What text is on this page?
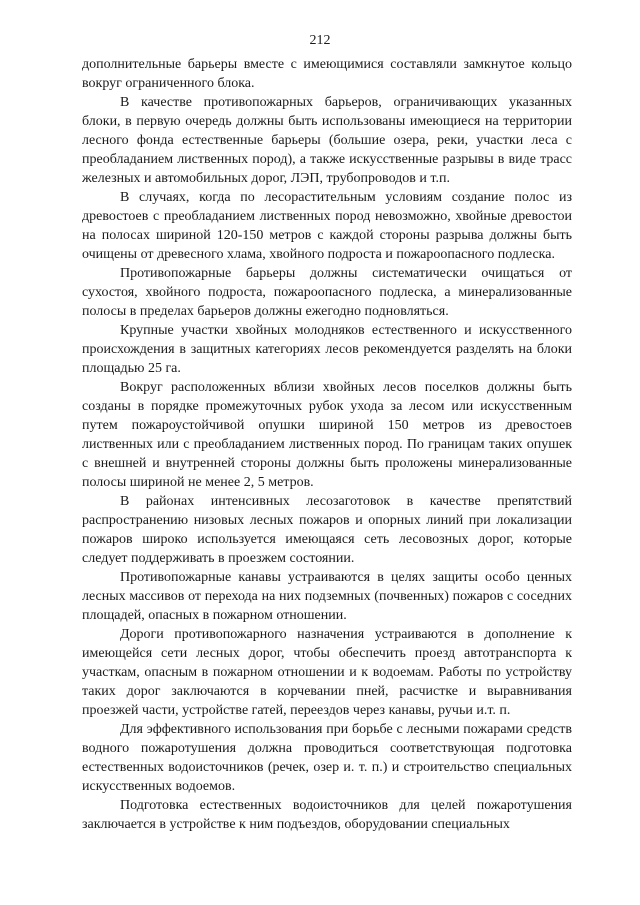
212

дополнительные барьеры вместе с имеющимися составляли замкнутое кольцо вокруг ограниченного блока.

В качестве противопожарных барьеров, ограничивающих указанных блоки, в первую очередь должны быть использованы имеющиеся на территории лесного фонда естественные барьеры (большие озера, реки, участки леса с преобладанием лиственных пород), а также искусственные разрывы в виде трасс железных и автомобильных дорог, ЛЭП, трубопроводов и т.п.

В случаях, когда по лесорастительным условиям создание полос из древостоев с преобладанием лиственных пород невозможно, хвойные древостои на полосах шириной 120-150 метров с каждой стороны разрыва должны быть очищены от древесного хлама, хвойного подроста и пожароопасного подлеска.

Противопожарные барьеры должны систематически очищаться от сухостоя, хвойного подроста, пожароопасного подлеска, а минерализованные полосы в пределах барьеров должны ежегодно подновляться.

Крупные участки хвойных молодняков естественного и искусственного происхождения в защитных категориях лесов рекомендуется разделять на блоки площадью 25 га.

Вокруг расположенных вблизи хвойных лесов поселков должны быть созданы в порядке промежуточных рубок ухода за лесом или искусственным путем пожароустойчивой опушки шириной 150 метров из древостоев лиственных или с преобладанием лиственных пород. По границам таких опушек с внешней и внутренней стороны должны быть проложены минерализованные полосы шириной не менее 2, 5 метров.

В районах интенсивных лесозаготовок в качестве препятствий распространению низовых лесных пожаров и опорных линий при локализации пожаров широко используется имеющаяся сеть лесовозных дорог, которые следует поддерживать в проезжем состоянии.

Противопожарные канавы устраиваются в целях защиты особо ценных лесных массивов от перехода на них подземных (почвенных) пожаров с соседних площадей, опасных в пожарном отношении.

Дороги противопожарного назначения устраиваются в дополнение к имеющейся сети лесных дорог, чтобы обеспечить проезд автотранспорта к участкам, опасным в пожарном отношении и к водоемам. Работы по устройству таких дорог заключаются в корчевании пней, расчистке и выравнивания проезжей части, устройстве гатей, переездов через канавы, ручьи и.т. п.

Для эффективного использования при борьбе с лесными пожарами средств водного пожаротушения должна проводиться соответствующая подготовка естественных водоисточников (речек, озер и. т. п.) и строительство специальных искусственных водоемов.

Подготовка естественных водоисточников для целей пожаротушения заключается в устройстве к ним подъездов, оборудовании специальных
